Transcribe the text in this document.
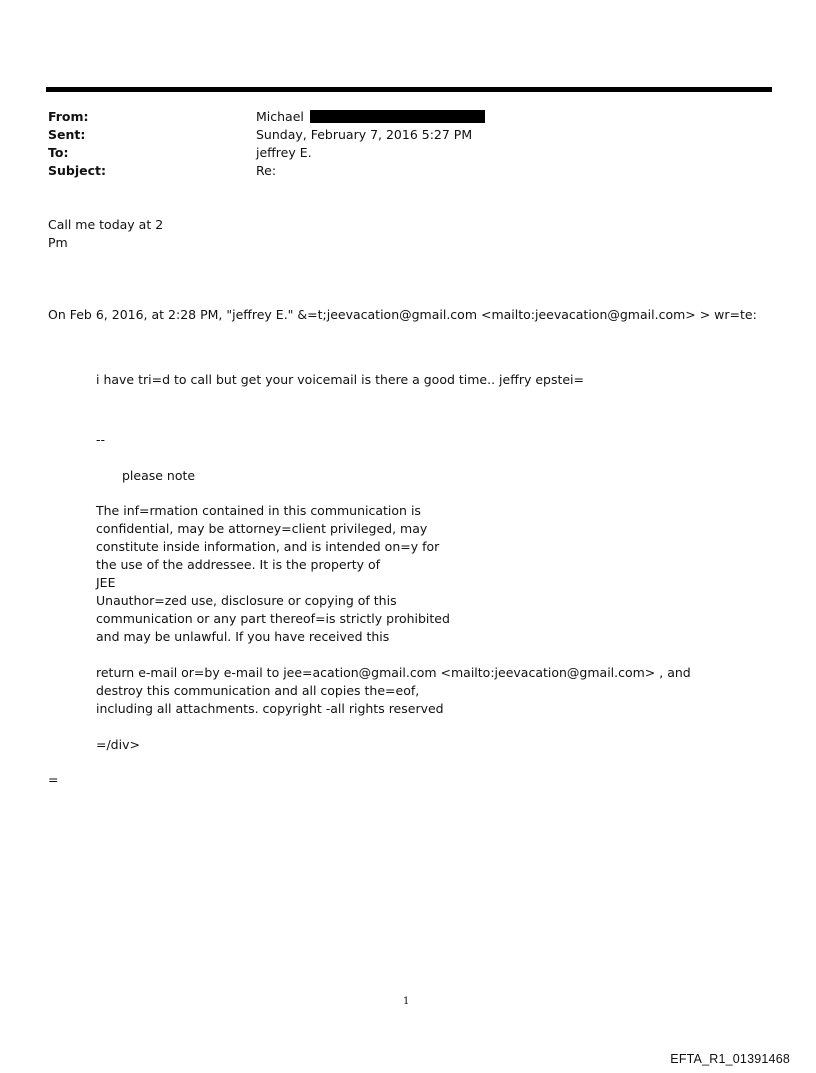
From:	Michael
Sent:	Sunday, February 7, 2016 5:27 PM
To:	jeffrey E.
Subject:	Re:
Call me today at 2
Pm
On Feb 6, 2016, at 2:28 PM, "jeffrey E." &=t;jeevacation@gmail.com <mailto:jeevacation@gmail.com> > wr=te:
i have tri=d to call but get your voicemail is there a good time.. jeffry epstei=
--
please note
The inf=rmation contained in this communication is
confidential, may be attorney=client privileged, may
constitute inside information, and is intended on=y for
the use of the addressee. It is the property of
JEE
Unauthor=zed use, disclosure or copying of this
communication or any part thereof=is strictly prohibited
and may be unlawful. If you have received this
return e-mail or=by e-mail to jee=acation@gmail.com <mailto:jeevacation@gmail.com> , and
destroy this communication and all copies the=eof,
including all attachments. copyright -all rights reserved
=/div>
=
1
EFTA_R1_01391468
